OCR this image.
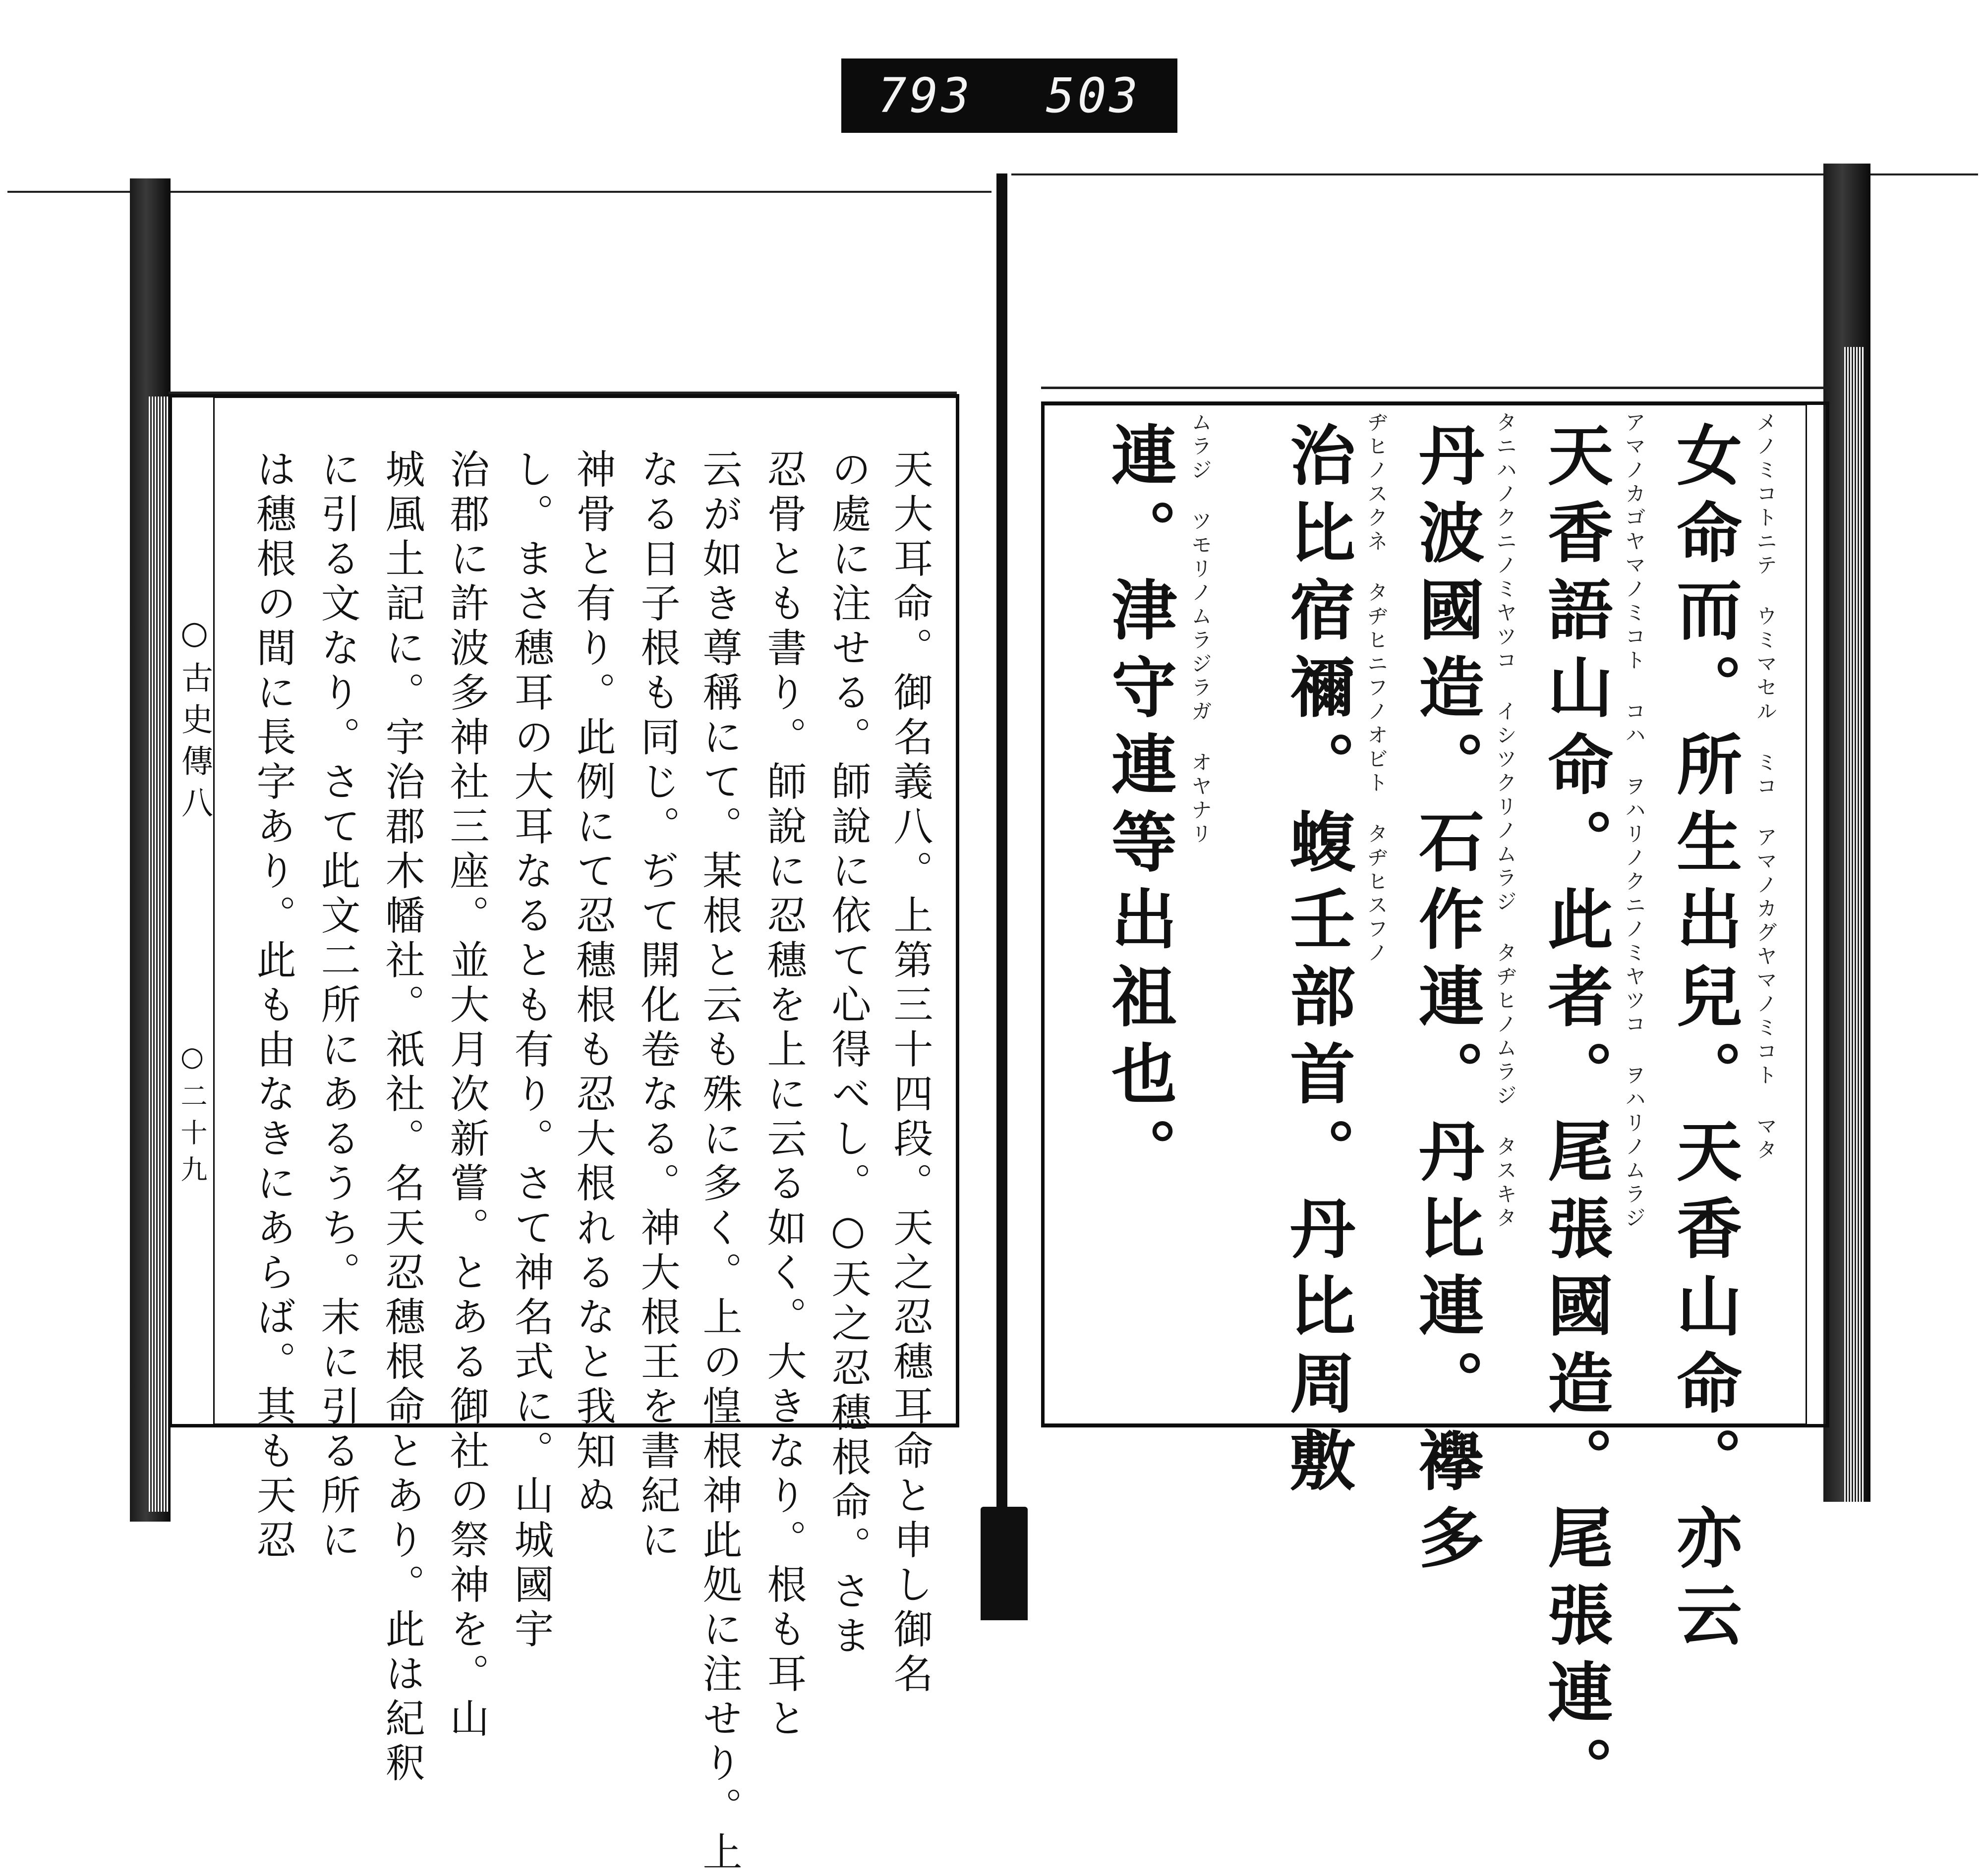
793 503
○古史傳八
○二十九	天大耳命。御名義八。上第三十四段。天之忍穗耳命と申し御名
の處に注せる。師說に依て心得べし。○天之忍穗根命。さま
忍骨とも書り。師說に忍穗を上に云る如く。大きなり。根も耳と
云が如き尊稱にて。某根と云も殊に多く。上の惶根神此処に注せり。上
なる日子根も同じ。ぢて開化卷なる。神大根王を書紀に
神骨と有り。此例にて忍穗根も忍大根れるなと我知ぬ
し。まさ穗耳の大耳なるとも有り。さて神名式に。山城國宇
治郡に許波多神社三座。並大月次新嘗。とある御社の祭神を。山
城風土記に。宇治郡木幡社。祇社。名天忍穗根命とあり。此は紀釈
に引る文なり。さて此文二所にあるうち。末に引る所に
は穗根の間に長字あり。此も由なきにあらば。其も天忍	女命而。所生出兒。天香山命。亦云 メノミコトニテ ウミマセル ミコ アマノカグヤマノミコト マタ
天香語山命。此者。尾張國造。尾張連。 アマノカゴヤマノミコト コハ ヲハリノクニノミヤツコ ヲハリノムラジ
丹波國造。石作連。丹比連。襷多 タニハノクニノミヤツコ イシツクリノムラジ タヂヒノムラジ タスキタ
治比宿禰。蝮壬部首。丹比周敷 ヂヒノスクネ タヂヒニフノオビト タヂヒスフノ
連。津守連等出祖也。 ムラジ ツモリノムラジラガ オヤナリ
